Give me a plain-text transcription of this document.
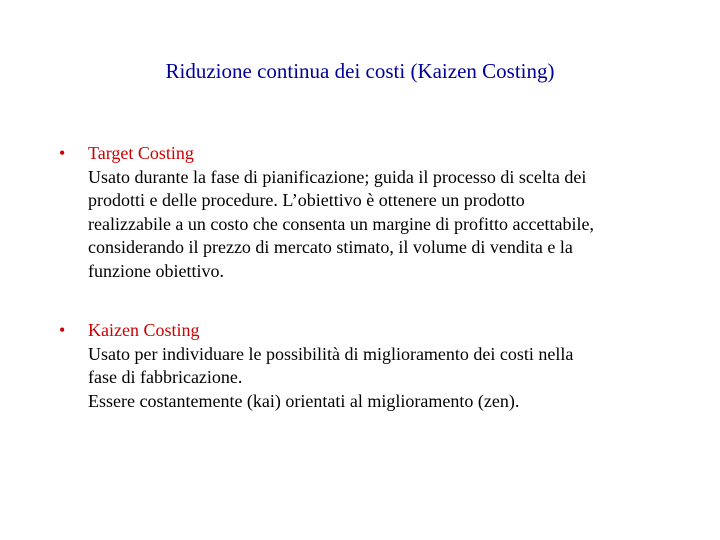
Riduzione continua dei costi (Kaizen Costing)
• Target Costing
Usato durante la fase di pianificazione; guida il processo di scelta dei
prodotti e delle procedure. L’obiettivo è ottenere un prodotto
realizzabile a un costo che consenta un margine di profitto accettabile,
considerando il prezzo di mercato stimato, il volume di vendita e la
funzione obiettivo.
• Kaizen Costing
Usato per individuare le possibilità di miglioramento dei costi nella
fase di fabbricazione.
Essere costantemente (kai) orientati al miglioramento (zen).
